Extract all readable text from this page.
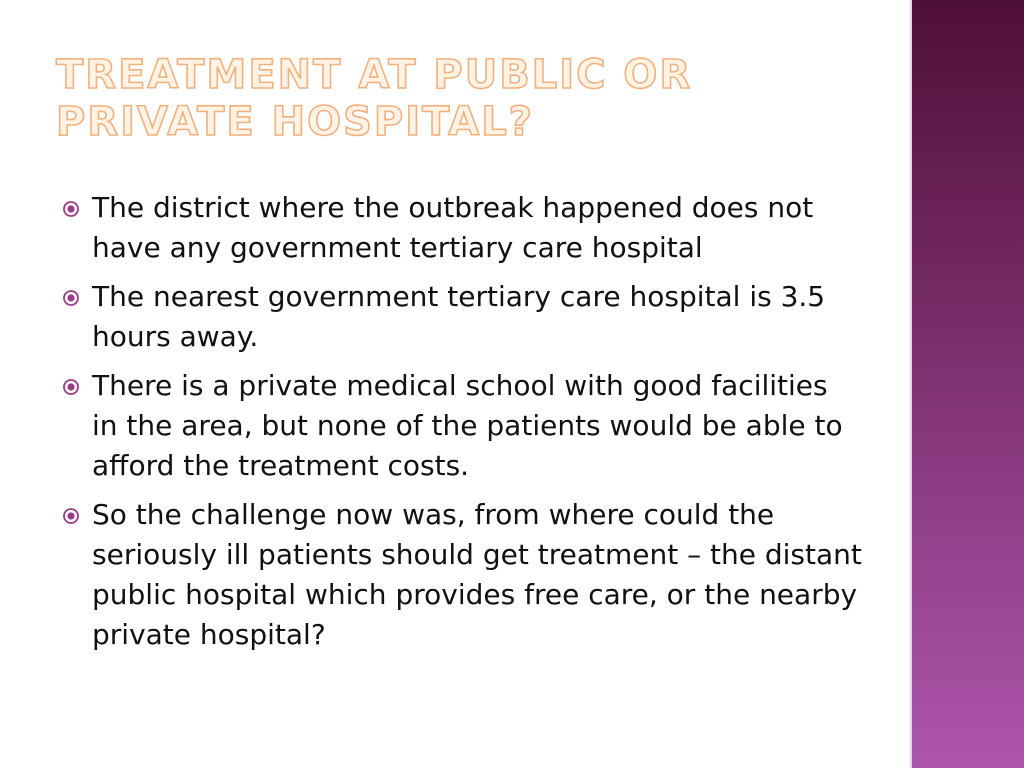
TREATMENT AT PUBLIC OR PRIVATE HOSPITAL?
The district where the outbreak happened does not have any government tertiary care hospital
The nearest government tertiary care hospital is 3.5 hours away.
There is a private medical school with good facilities in the area, but none of the patients would be able to afford the treatment costs.
So the challenge now was, from where could the seriously ill patients should get treatment – the distant public hospital which provides free care, or the nearby private hospital?
